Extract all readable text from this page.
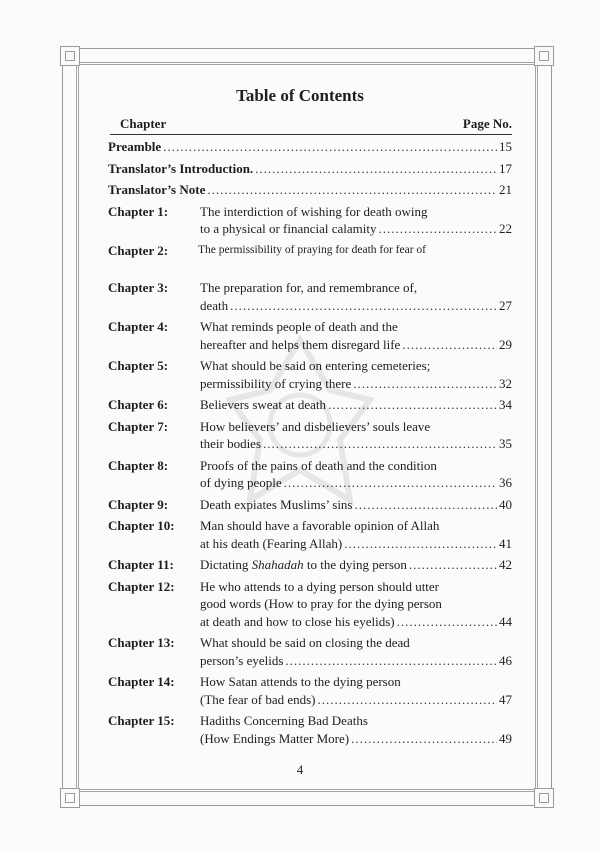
Table of Contents
Chapter	Page No.
Preamble .....	15
Translator’s Introduction. .....	17
Translator’s Note .....	21
Chapter 1:	The interdiction of wishing for death owing
to a physical or financial calamity .....	22
Chapter 2:	The permissibility of praying for death for fear of
Chapter 3:	The preparation for, and remembrance of,
death .....	27
Chapter 4:	What reminds people of death and the
hereafter and helps them disregard life .....	29
Chapter 5:	What should be said on entering cemeteries;
permissibility of crying there .....	32
Chapter 6:	Believers sweat at death .....	34
Chapter 7:	How believers’ and disbelievers’ souls leave
their bodies .....	35
Chapter 8:	Proofs of the pains of death and the condition
of dying people .....	36
Chapter 9:	Death expiates Muslims’ sins .....	40
Chapter 10:	Man should have a favorable opinion of Allah
at his death (Fearing Allah) .....	41
Chapter 11:	Dictating Shahadah to the dying person .....	42
Chapter 12:	He who attends to a dying person should utter
good words (How to pray for the dying person
at death and how to close his eyelids) .....	44
Chapter 13:	What should be said on closing the dead
person’s eyelids .....	46
Chapter 14:	How Satan attends to the dying person
(The fear of bad ends) .....	47
Chapter 15:	Hadiths Concerning Bad Deaths
(How Endings Matter More) .....	49
4
